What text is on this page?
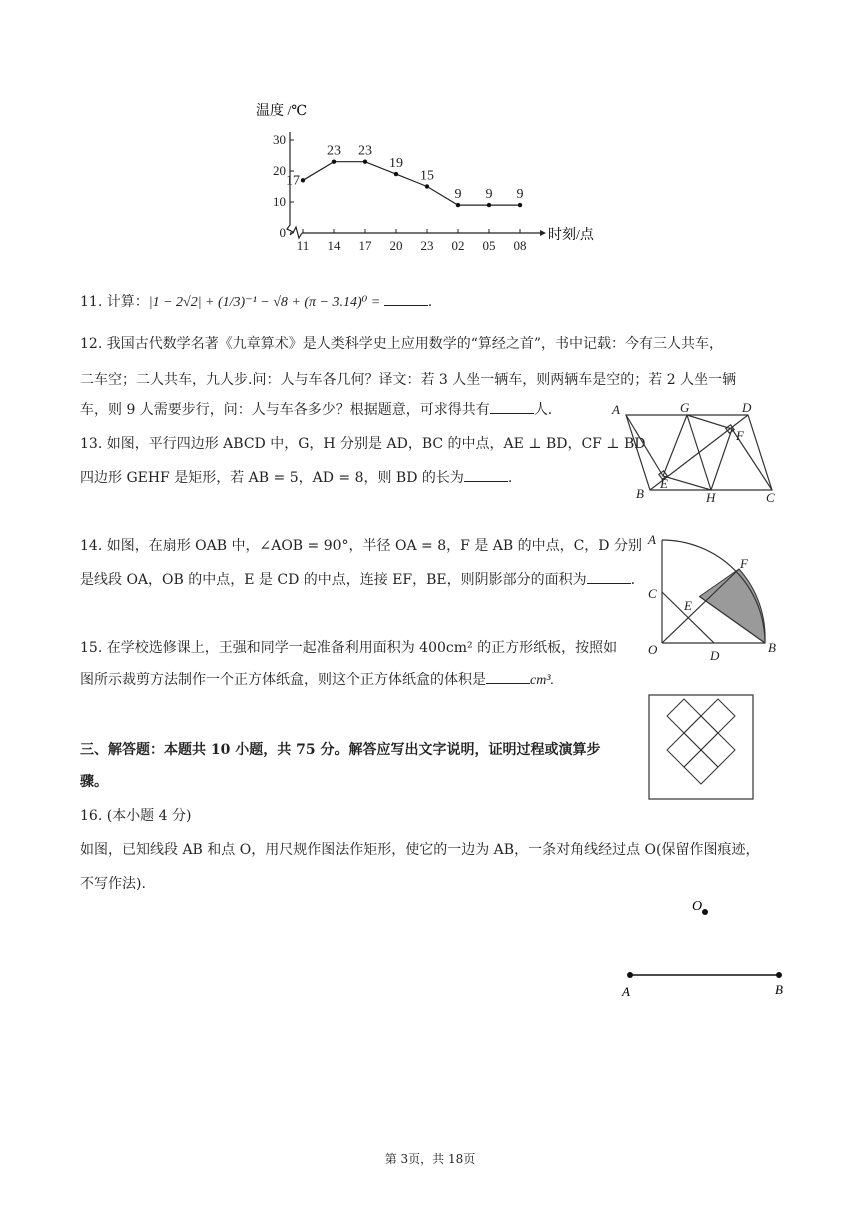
温度 /℃
0
10
20
30
11 14 17 20 23 02 05 08
17
23 23
19
15
9 9 9
时刻/点
11. 计算：|1 − 2√2| + (1/3)⁻¹ − √8 + (π − 3.14)⁰ =	.
12. 我国古代数学名著《九章算术》是人类科学史上应用数学的“算经之首”，书中记载：今有三人共车，
二车空；二人共车，九人步.问：人与车各几何？译文：若 3 人坐一辆车，则两辆车是空的；若 2 人坐一辆
车，则 9 人需要步行，问：人与车各多少？根据题意，可求得共有	人.
13. 如图，平行四边形 ABCD 中，G，H 分别是 AD，BC 的中点，AE ⊥ BD，CF ⊥ BD
四边形 GEHF 是矩形，若 AB = 5，AD = 8，则 BD 的长为	.
A	G	D
F
B
E
H	C
14. 如图，在扇形 OAB 中，∠AOB = 90°，半径 OA = 8，F 是 AB 的中点，C，D 分别
是线段 OA，OB 的中点，E 是 CD 的中点，连接 EF，BE，则阴影部分的面积为	.
A
F
C
E
O	D
B
15. 在学校选修课上，王强和同学一起准备利用面积为 400cm² 的正方形纸板，按照如
图所示裁剪方法制作一个正方体纸盒，则这个正方体纸盒的体积是	cm³.
三、解答题：本题共 10 小题，共 75 分。解答应写出文字说明，证明过程或演算步
骤。
16. (本小题 4 分)
如图，已知线段 AB 和点 O，用尺规作图法作矩形，使它的一边为 AB，一条对角线经过点 O(保留作图痕迹，
不写作法).
O
A	B
第 3页，共 18页
